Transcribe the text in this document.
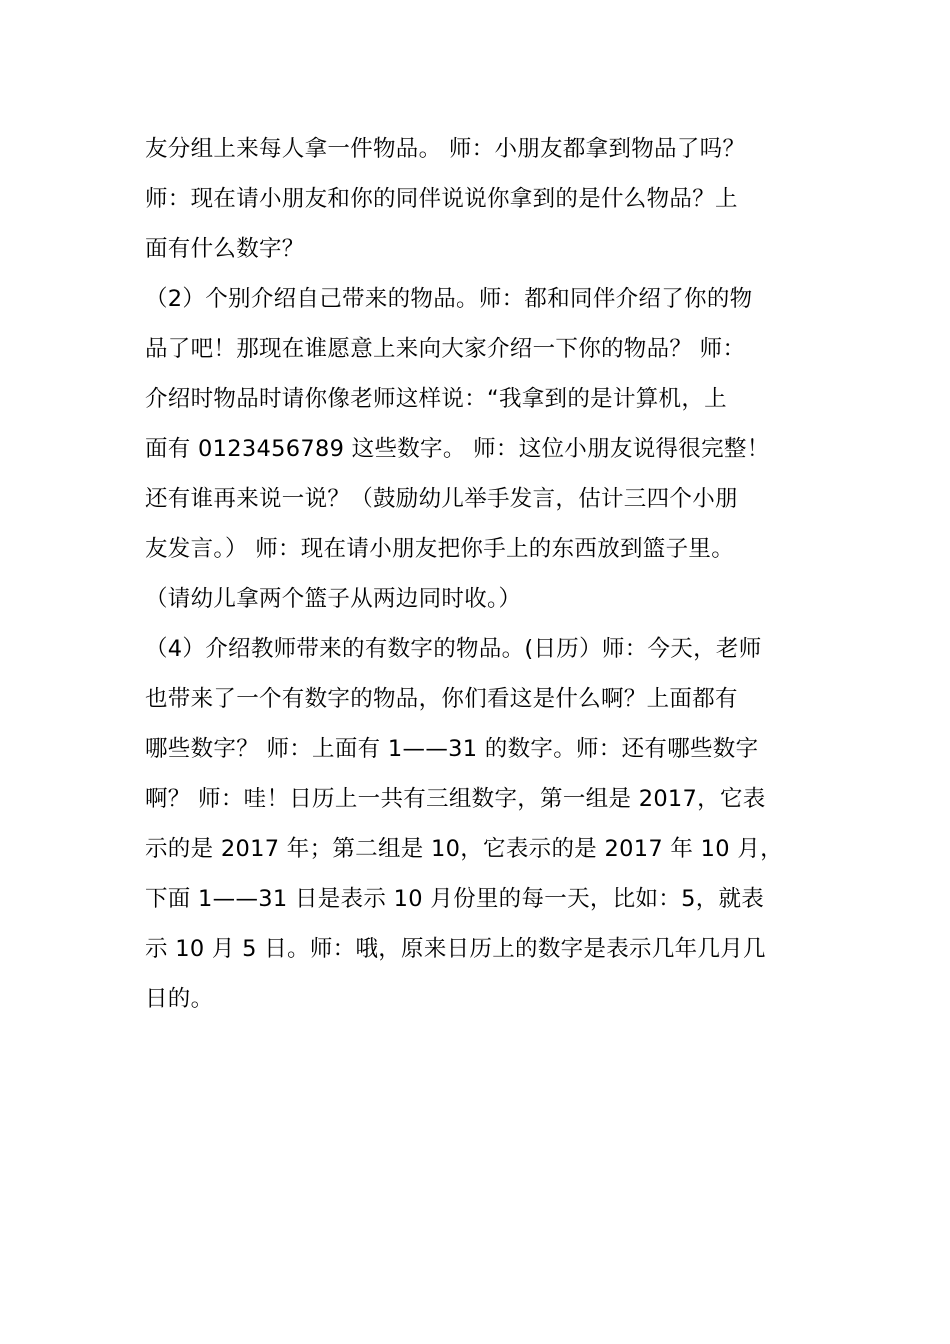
友分组上来每人拿一件物品。 师：小朋友都拿到物品了吗？
师：现在请小朋友和你的同伴说说你拿到的是什么物品？上
面有什么数字？
（2）个别介绍自己带来的物品。师：都和同伴介绍了你的物
品了吧！那现在谁愿意上来向大家介绍一下你的物品？ 师：
介绍时物品时请你像老师这样说：“我拿到的是计算机，上
面有 0123456789 这些数字。 师：这位小朋友说得很完整！
还有谁再来说一说？（鼓励幼儿举手发言，估计三四个小朋
友发言。） 师：现在请小朋友把你手上的东西放到篮子里。
（请幼儿拿两个篮子从两边同时收。）
（4）介绍教师带来的有数字的物品。(日历）师：今天，老师
也带来了一个有数字的物品，你们看这是什么啊？上面都有
哪些数字？ 师：上面有 1——31 的数字。师：还有哪些数字
啊？ 师：哇！日历上一共有三组数字，第一组是 2017，它表
示的是 2017 年；第二组是 10，它表示的是 2017 年 10 月，
下面 1——31 日是表示 10 月份里的每一天，比如：5，就表
示 10 月 5 日。师：哦，原来日历上的数字是表示几年几月几
日的。
